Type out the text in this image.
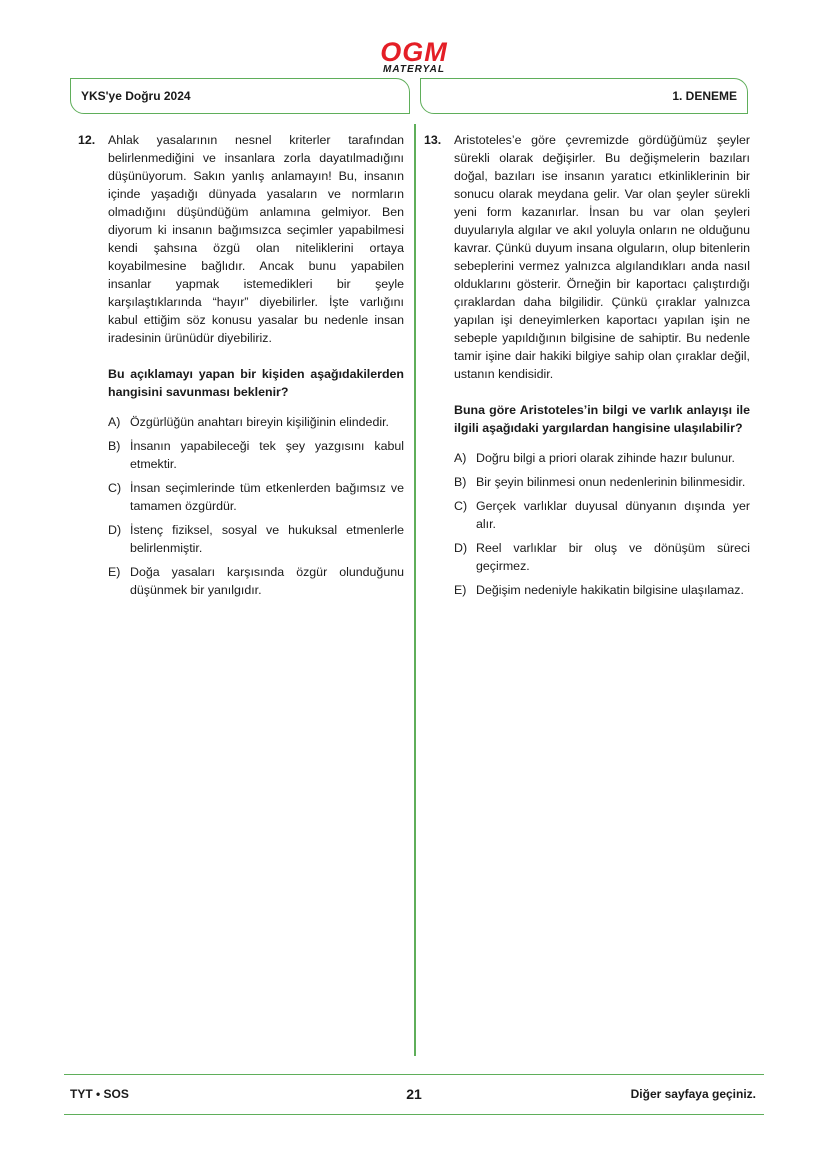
OGM
MATERYAL
YKS'ye Doğru 2024	1. DENEME
12.	Ahlak yasalarının nesnel kriterler tarafından belirlenmediğini ve insanlara zorla dayatılmadığını düşünüyorum. Sakın yanlış anlamayın! Bu, insanın içinde yaşadığı dünyada yasaların ve normların olmadığını düşündüğüm anlamına gelmiyor. Ben diyorum ki insanın bağımsızca seçimler yapabilmesi kendi şahsına özgü olan niteliklerini ortaya koyabilmesine bağlıdır. Ancak bunu yapabilen insanlar yapmak istemedikleri bir şeyle karşılaştıklarında “hayır” diyebilirler. İşte varlığını kabul ettiğim söz konusu yasalar bu nedenle insan iradesinin ürünüdür diyebiliriz.

Bu açıklamayı yapan bir kişiden aşağıdakilerden hangisini savunması beklenir?

A) Özgürlüğün anahtarı bireyin kişiliğinin elindedir.
B) İnsanın yapabileceği tek şey yazgısını kabul etmektir.
C) İnsan seçimlerinde tüm etkenlerden bağımsız ve tamamen özgürdür.
D) İstenç fiziksel, sosyal ve hukuksal etmenlerle belirlenmiştir.
E) Doğa yasaları karşısında özgür olunduğunu düşünmek bir yanılgıdır.
13.	Aristoteles’e göre çevremizde gördüğümüz şeyler sürekli olarak değişirler. Bu değişmelerin bazıları doğal, bazıları ise insanın yaratıcı etkinliklerinin bir sonucu olarak meydana gelir. Var olan şeyler sürekli yeni form kazanırlar. İnsan bu var olan şeyleri duyularıyla algılar ve akıl yoluyla onların ne olduğunu kavrar. Çünkü duyum insana olguların, olup bitenlerin sebeplerini vermez yalnızca algılandıkları anda nasıl olduklarını gösterir. Örneğin bir kaportacı çalıştırdığı çıraklardan daha bilgilidir. Çünkü çıraklar yalnızca yapılan işi deneyimlerken kaportacı yapılan işin ne sebeple yapıldığının bilgisine de sahiptir. Bu nedenle tamir işine dair hakiki bilgiye sahip olan çıraklar değil, ustanın kendisidir.

Buna göre Aristoteles’in bilgi ve varlık anlayışı ile ilgili aşağıdaki yargılardan hangisine ulaşılabilir?

A) Doğru bilgi a priori olarak zihinde hazır bulunur.
B) Bir şeyin bilinmesi onun nedenlerinin bilinmesidir.
C) Gerçek varlıklar duyusal dünyanın dışında yer alır.
D) Reel varlıklar bir oluş ve dönüşüm süreci geçirmez.
E) Değişim nedeniyle hakikatin bilgisine ulaşılamaz.
TYT • SOS	21	Diğer sayfaya geçiniz.
